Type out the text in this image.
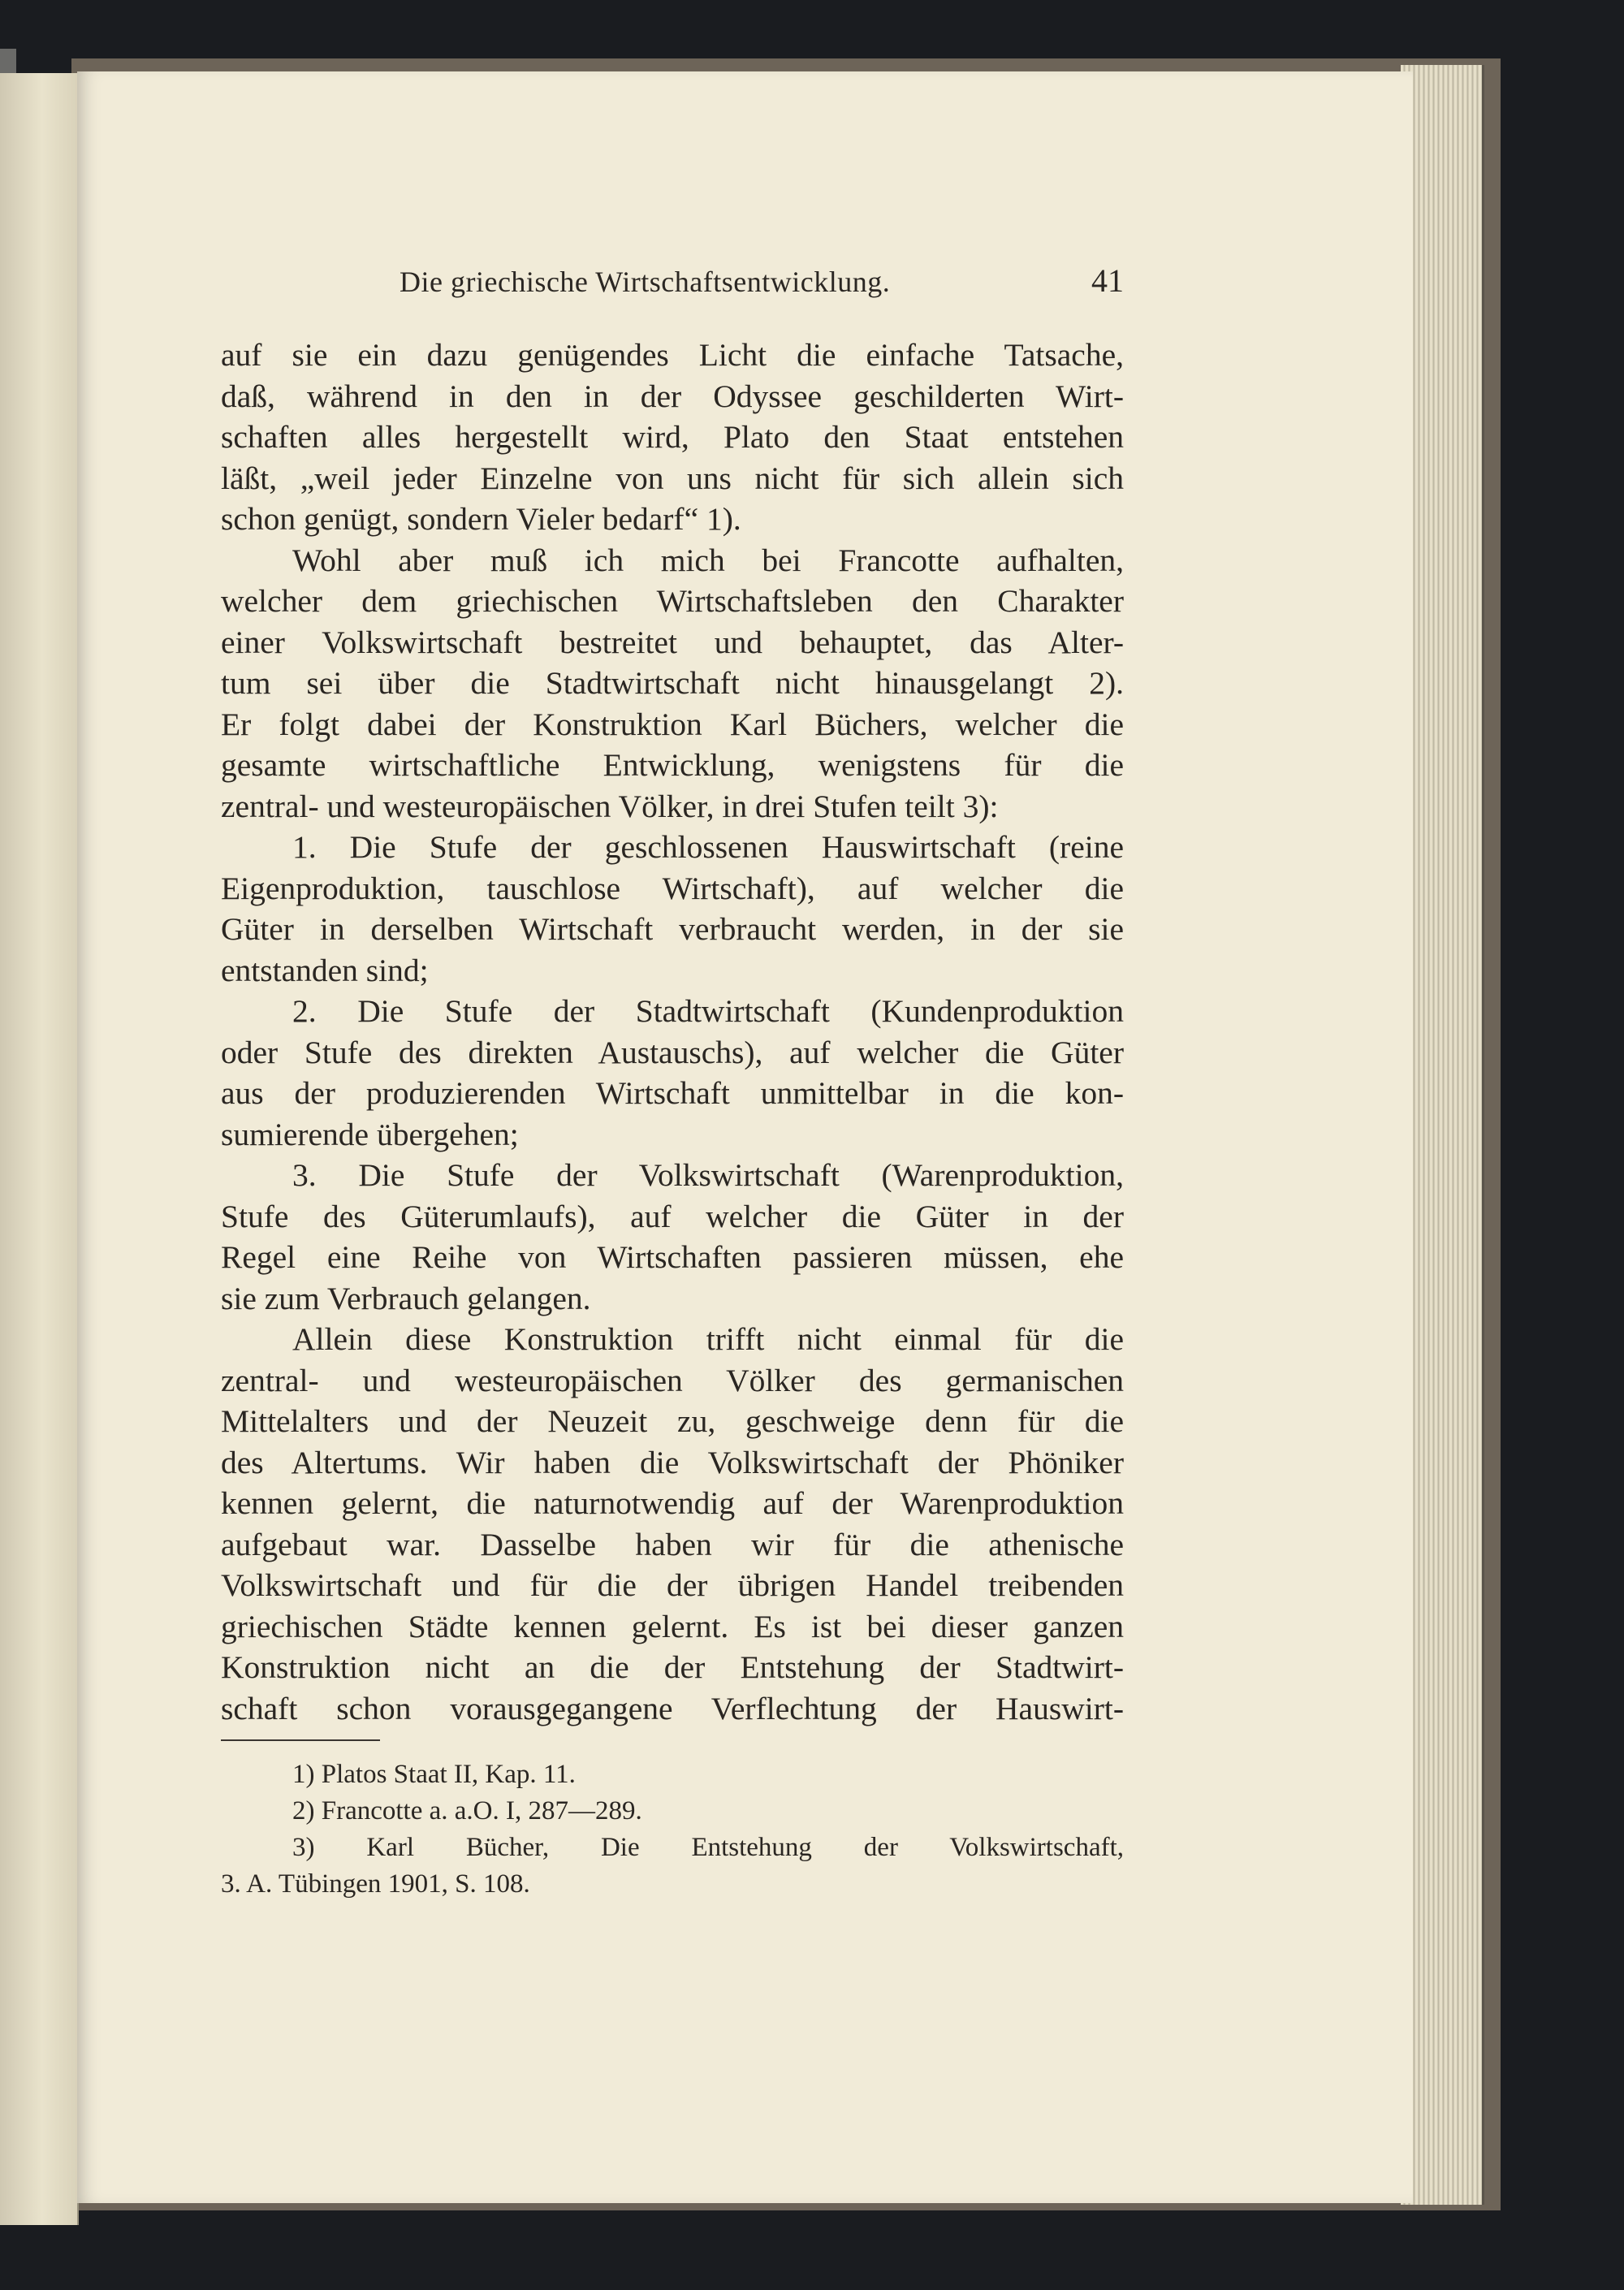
Die griechische Wirtschaftsentwicklung.	41
auf sie ein dazu genügendes Licht die einfache Tatsache,
daß, während in den in der Odyssee geschilderten Wirt-
schaften alles hergestellt wird, Plato den Staat entstehen
läßt, „weil jeder Einzelne von uns nicht für sich allein sich
schon genügt, sondern Vieler bedarf“ 1).
Wohl aber muß ich mich bei Francotte aufhalten,
welcher dem griechischen Wirtschaftsleben den Charakter
einer Volkswirtschaft bestreitet und behauptet, das Alter-
tum sei über die Stadtwirtschaft nicht hinausgelangt 2).
Er folgt dabei der Konstruktion Karl Büchers, welcher die
gesamte wirtschaftliche Entwicklung, wenigstens für die
zentral- und westeuropäischen Völker, in drei Stufen teilt 3):
1. Die Stufe der geschlossenen Hauswirtschaft (reine
Eigenproduktion, tauschlose Wirtschaft), auf welcher die
Güter in derselben Wirtschaft verbraucht werden, in der sie
entstanden sind;
2. Die Stufe der Stadtwirtschaft (Kundenproduktion
oder Stufe des direkten Austauschs), auf welcher die Güter
aus der produzierenden Wirtschaft unmittelbar in die kon-
sumierende übergehen;
3. Die Stufe der Volkswirtschaft (Warenproduktion,
Stufe des Güterumlaufs), auf welcher die Güter in der
Regel eine Reihe von Wirtschaften passieren müssen, ehe
sie zum Verbrauch gelangen.
Allein diese Konstruktion trifft nicht einmal für die
zentral- und westeuropäischen Völker des germanischen
Mittelalters und der Neuzeit zu, geschweige denn für die
des Altertums. Wir haben die Volkswirtschaft der Phöniker
kennen gelernt, die naturnotwendig auf der Warenproduktion
aufgebaut war. Dasselbe haben wir für die athenische
Volkswirtschaft und für die der übrigen Handel treibenden
griechischen Städte kennen gelernt. Es ist bei dieser ganzen
Konstruktion nicht an die der Entstehung der Stadtwirt-
schaft schon vorausgegangene Verflechtung der Hauswirt-
1) Platos Staat II, Kap. 11.
2) Francotte a. a.O. I, 287—289.
3) Karl Bücher, Die Entstehung der Volkswirtschaft,
3. A. Tübingen 1901, S. 108.
